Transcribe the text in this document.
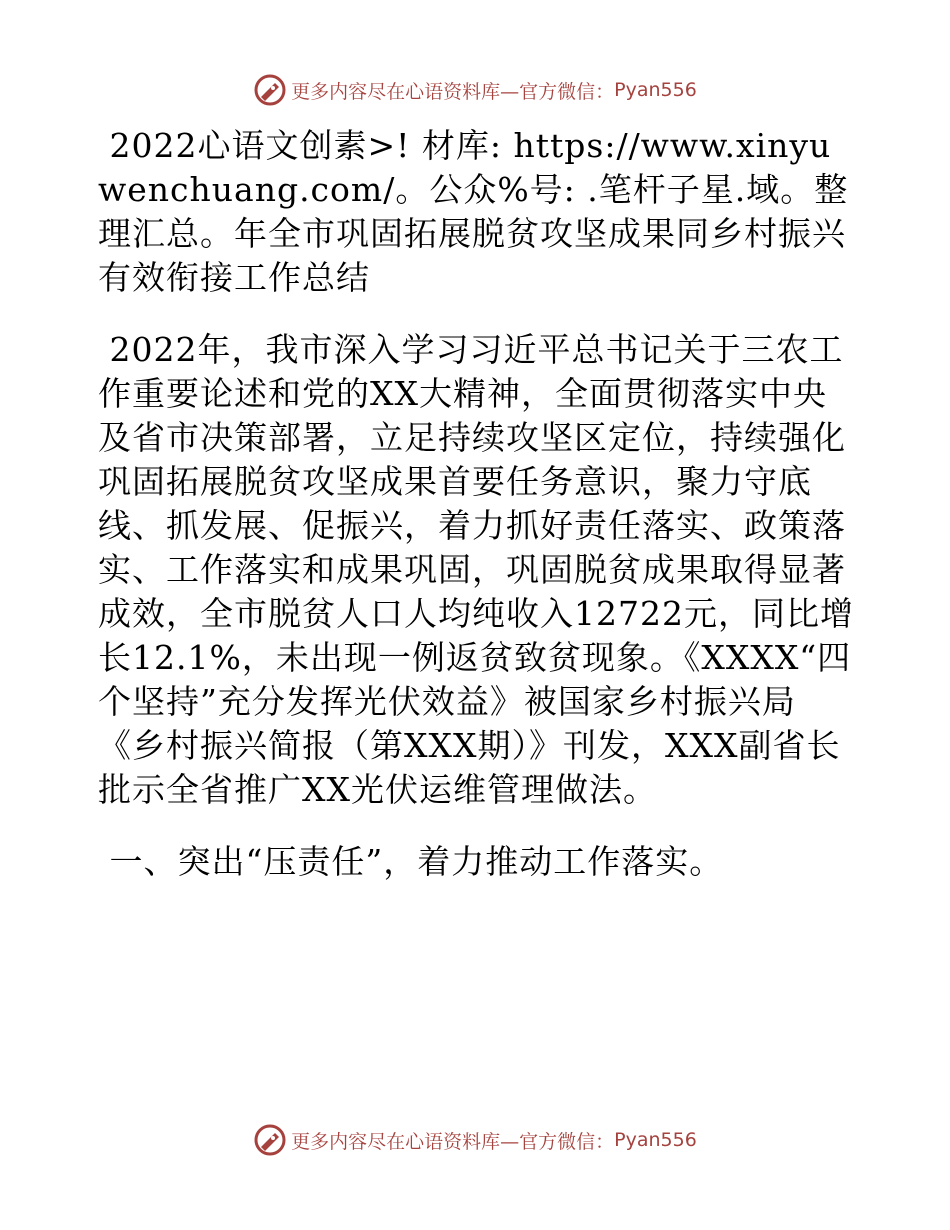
更多内容尽在心语资料库—官方微信： Pyan556

2022心语文创素>! 材库: https://www.xinyuwenchuang.com/。公众%号: .笔杆子星.域。整理汇总。年全市巩固拓展脱贫攻坚成果同乡村振兴有效衔接工作总结

2022年，我市深入学习习近平总书记关于三农工作重要论述和党的XX大精神，全面贯彻落实中央及省市决策部署，立足持续攻坚区定位，持续强化巩固拓展脱贫攻坚成果首要任务意识，聚力守底线、抓发展、促振兴，着力抓好责任落实、政策落实、工作落实和成果巩固，巩固脱贫成果取得显著成效，全市脱贫人口人均纯收入12722元，同比增长12.1%，未出现一例返贫致贫现象。《XXXX“四个坚持”充分发挥光伏效益》被国家乡村振兴局《乡村振兴简报（第XXX期）》刊发，XXX副省长批示全省推广XX光伏运维管理做法。

一、突出“压责任”，着力推动工作落实。

更多内容尽在心语资料库—官方微信： Pyan556
